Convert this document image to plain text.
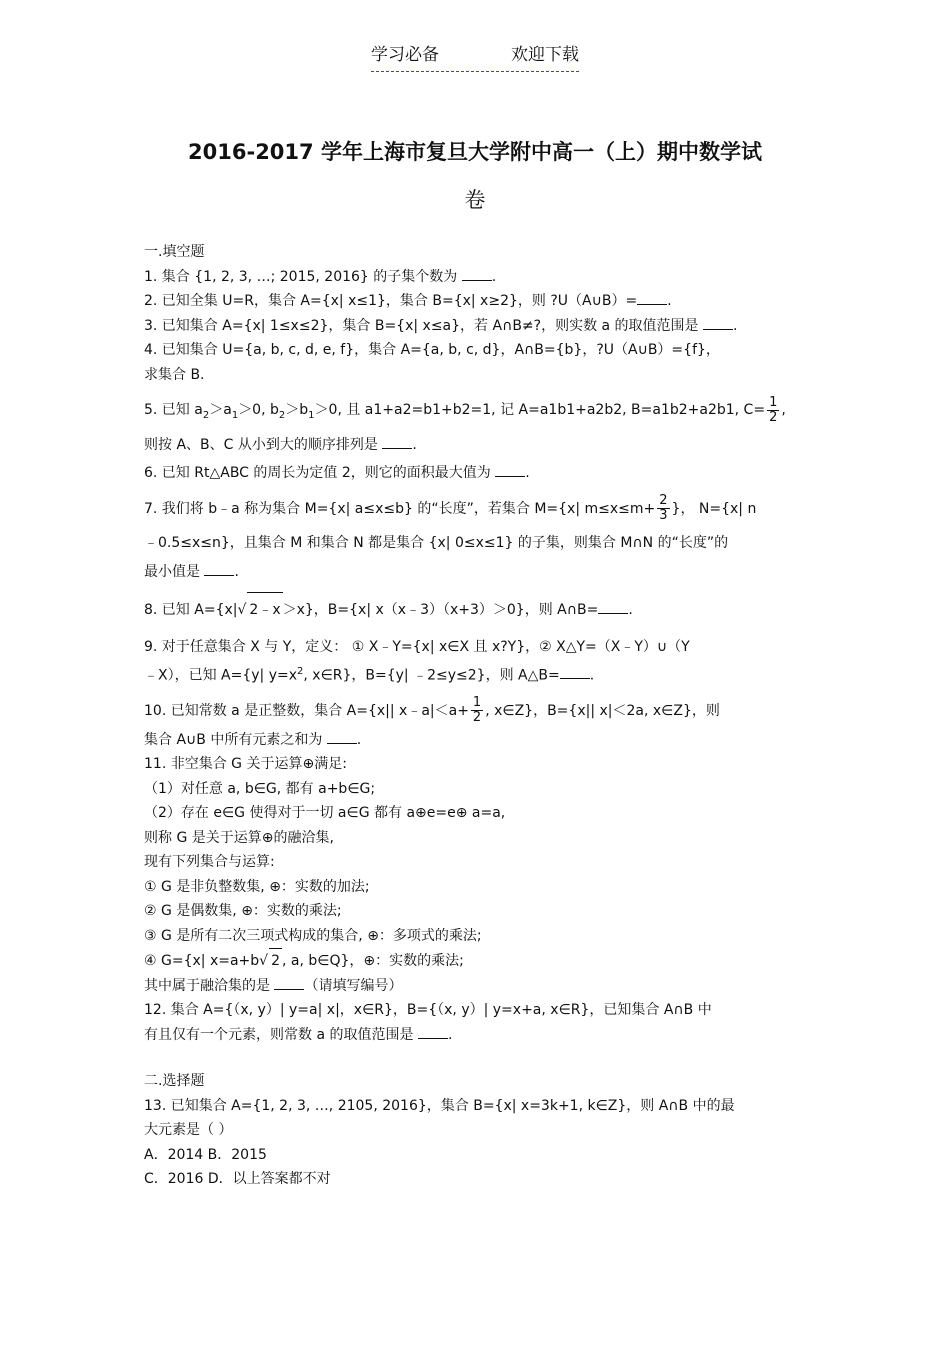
学习必备	欢迎下载
2016-2017 学年上海市复旦大学附中高一（上）期中数学试
卷

一.填空题

1. 集合 {1, 2, 3, …; 2015, 2016} 的子集个数为 .

2. 已知全集 U=R，集合 A={x| x≤1}，集合 B={x| x≥2}，则 ?U（A∪B）= .

3. 已知集合 A={x| 1≤x≤2}，集合 B={x| x≤a}，若 A∩B≠?，则实数 a 的取值范围是 .

4. 已知集合 U={a, b, c, d, e, f}，集合 A={a, b, c, d}，A∩B={b}，?U（A∪B）={f}，

求集合 B.

5. 已知 $a_2>a_1>0$, $b_2>b_1>0$, 且 a1+a2=b1+b2=1, 记 A=a1b1+a2b2, B=a1b2+a2b1, $C= \frac{1}{2}$ ,

则按 A、B、C 从小到大的顺序排列是 .

6. 已知 Rt△ABC 的周长为定值 2，则它的面积最大值为 .

7. 我们将 b﹣a 称为集合 M={x| a≤x≤b} 的“长度”，若集合 M={x| $m\le x\le m+ \frac{2}{3}$ }， N={x| n

﹣0.5≤x≤n}，且集合 M 和集合 N 都是集合 {x| 0≤x≤1} 的子集，则集合 M∩N 的“长度”的

最小值是 .

8. 已知 A={x|√ 2﹣x ＞x}，B={x| x（x﹣3）（x+3）＞0}，则 A∩B= .

9. 对于任意集合 X 与 Y，定义： ① X﹣Y={x| x∈X 且 x?Y}，② X△Y=（X﹣Y）∪（Y

﹣X），已知 A={y| $y=x^2$, x∈R}，B={y| ﹣2≤y≤2}，则 A△B= .

10. 已知常数 a 是正整数，集合 A={x|| x﹣a|＜a+ $\frac{1}{2}$ , x∈Z}，B={x|| x|＜2a, x∈Z}，则

集合 A∪B 中所有元素之和为 .

11. 非空集合 G 关于运算⊕满足:

（1）对任意 a, b∈G, 都有 a+b∈G;

（2）存在 e∈G 使得对于一切 a∈G 都有 a⊕e=e⊕ a=a,

则称 G 是关于运算⊕的融洽集,

现有下列集合与运算:

① G 是非负整数集, ⊕：实数的加法;

② G 是偶数集, ⊕：实数的乘法;

③ G 是所有二次三项式构成的集合, ⊕：多项式的乘法;

④ G={x| x=a+b√ 2 , a, b∈Q}，⊕：实数的乘法;

其中属于融洽集的是 （请填写编号）

12. 集合 A={（x, y）| y=a| x|，x∈R}，B={（x, y）| y=x+a, x∈R}，已知集合 A∩B 中

有且仅有一个元素，则常数 a 的取值范围是 .

二.选择题

13. 已知集合 A={1, 2, 3, …, 2105, 2016}，集合 B={x| x=3k+1, k∈Z}，则 A∩B 中的最

大元素是（ ）

A．2014 B．2015

C．2016 D．以上答案都不对
